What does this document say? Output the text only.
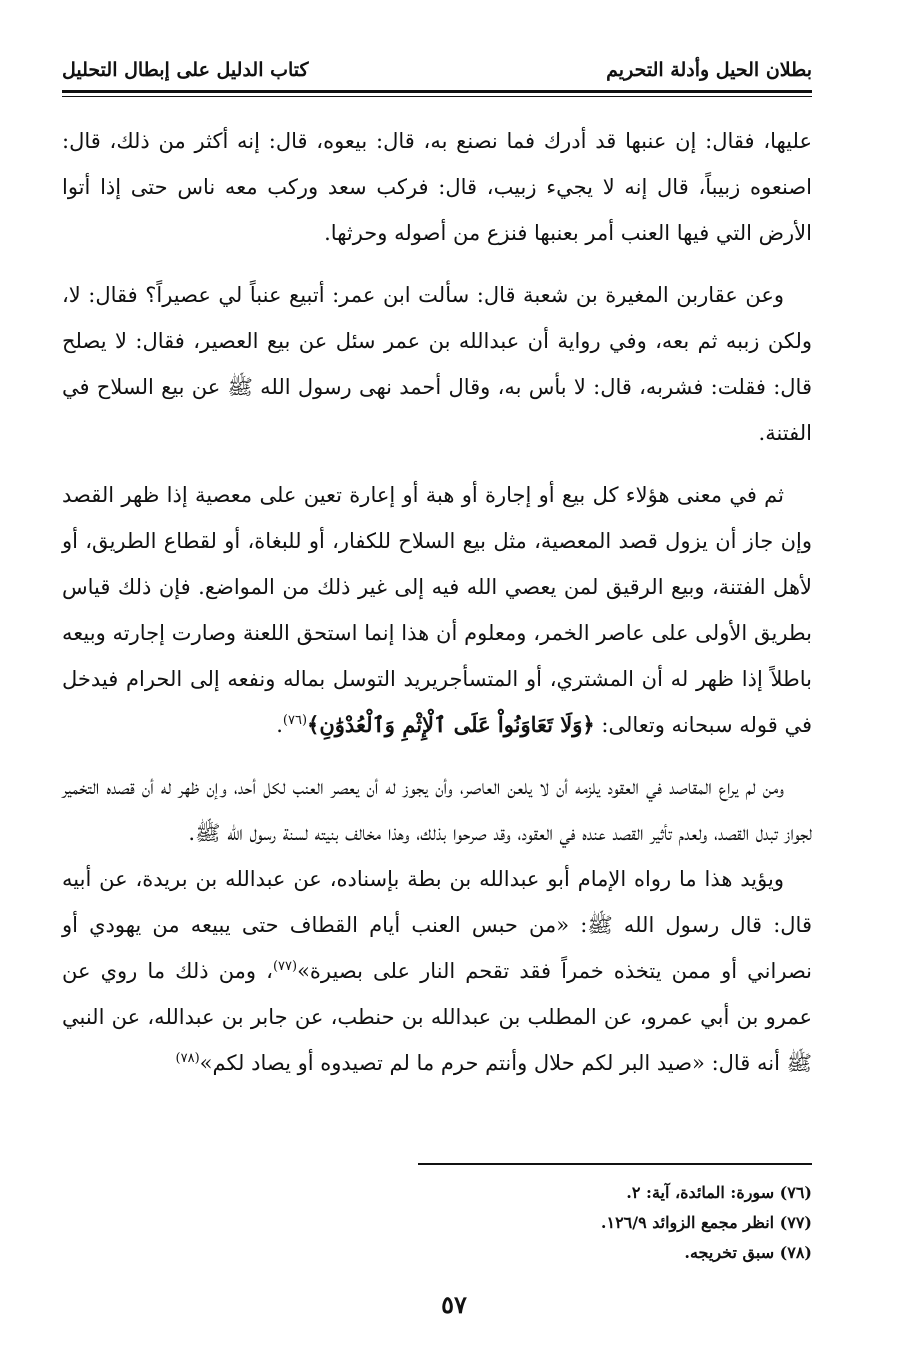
بطلان الحيل وأدلة التحريم
كتاب الدليل على إبطال التحليل

عليها، فقال: إن عنبها قد أدرك فما نصنع به، قال: بيعوه، قال: إنه أكثر من ذلك، قال: اصنعوه زبيباً، قال إنه لا يجيء زبيب، قال: فركب سعد وركب معه ناس حتى إذا أتوا الأرض التي فيها العنب أمر بعنبها فنزع من أصوله وحرثها.

وعن عقاربن المغيرة بن شعبة قال: سألت ابن عمر: أتبيع عنباً لي عصيراً؟ فقال: لا، ولكن زببه ثم بعه، وفي رواية أن عبدالله بن عمر سئل عن بيع العصير، فقال: لا يصلح قال: فقلت: فشربه، قال: لا بأس به، وقال أحمد نهى رسول الله ﷺ عن بيع السلاح في الفتنة.

ثم في معنى هؤلاء كل بيع أو إجارة أو هبة أو إعارة تعين على معصية إذا ظهر القصد وإن جاز أن يزول قصد المعصية، مثل بيع السلاح للكفار، أو للبغاة، أو لقطاع الطريق، أو لأهل الفتنة، وبيع الرقيق لمن يعصي الله فيه إلى غير ذلك من المواضع. فإن ذلك قياس بطريق الأولى على عاصر الخمر، ومعلوم أن هذا إنما استحق اللعنة وصارت إجارته وبيعه باطلاً إذا ظهر له أن المشتري، أو المتسأجريريد التوسل بماله ونفعه إلى الحرام فيدخل في قوله سبحانه وتعالى: ﴿وَلَا تَعَاوَنُواْ عَلَى ٱلْإِثْمِ وَٱلْعُدْوَٰنِ﴾$^{(٧٦)}$.

ومن لم يراع المقاصد في العقود يلزمه أن لا يلعن العاصر، وأن يجوز له أن يعصر العنب لكل أحد، وإن ظهر له أن قصده التخمير لجواز تبدل القصد، ولعدم تأثير القصد عنده في العقود، وقد صرحوا بذلك، وهذا مخالف بنيته لسنة رسول الله ﷺ.

ويؤيد هذا ما رواه الإمام أبو عبدالله بن بطة بإسناده، عن عبدالله بن بريدة، عن أبيه قال: قال رسول الله ﷺ: «من حبس العنب أيام القطاف حتى يبيعه من يهودي أو نصراني أو ممن يتخذه خمراً فقد تقحم النار على بصيرة»$^{(٧٧)}$، ومن ذلك ما روي عن عمرو بن أبي عمرو، عن المطلب بن عبدالله بن حنطب، عن جابر بن عبدالله، عن النبي ﷺ أنه قال: «صيد البر لكم حلال وأنتم حرم ما لم تصيدوه أو يصاد لكم»$^{(٧٨)}$

(٧٦) سورة: المائدة، آية: ٢.
(٧٧) انظر مجمع الزوائد ١٢٦/٩.
(٧٨) سبق تخريجه.
٥٧
